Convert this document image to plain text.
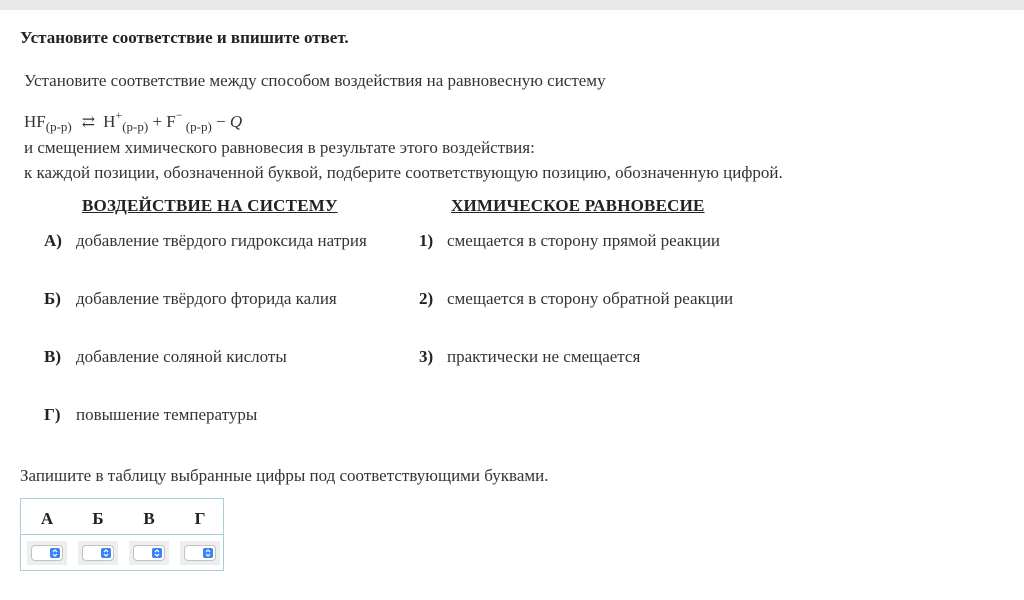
Установите соответствие и впишите ответ.
Установите соответствие между способом воздействия на равновесную систему
$HF_{(р-р)}$ ⇄ $H^+_{(р-р)} + F^-$ $_{(р-р)}$ − Q
и смещением химического равновесия в результате этого воздействия:
к каждой позиции, обозначенной буквой, подберите соответствующую позицию, обозначенную цифрой.
ВОЗДЕЙСТВИЕ НА СИСТЕМУ	ХИМИЧЕСКОЕ РАВНОВЕСИЕ
А) добавление твёрдого гидроксида натрия
Б) добавление твёрдого фторида калия
В) добавление соляной кислоты
Г) повышение температуры
1) смещается в сторону прямой реакции
2) смещается в сторону обратной реакции
3) практически не смещается
Запишите в таблицу выбранные цифры под соответствующими буквами.
А	Б	В	Г
